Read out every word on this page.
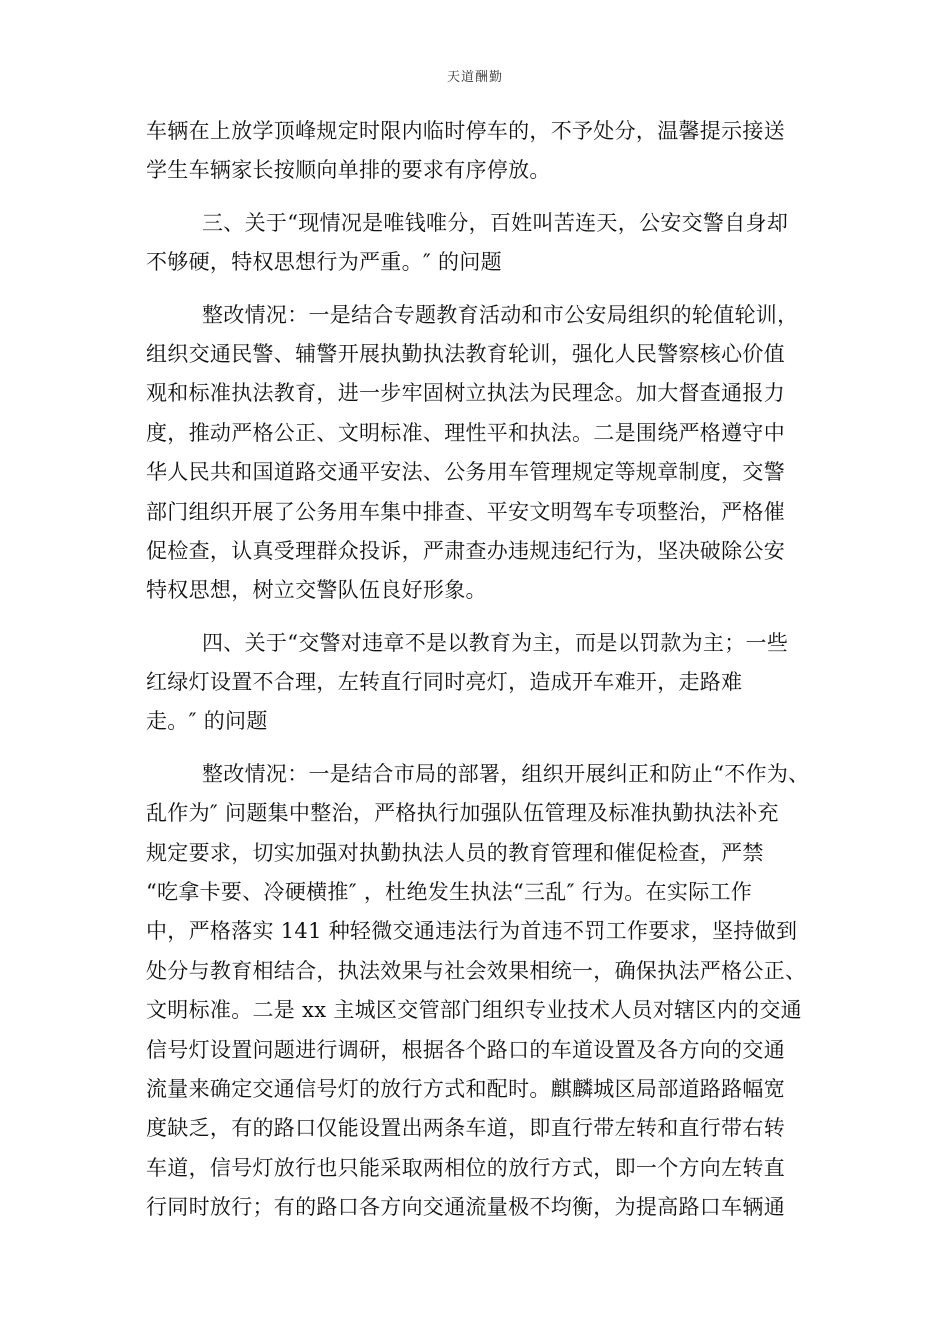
天道酬勤
车辆在上放学顶峰规定时限内临时停车的，不予处分，温馨提示接送
学生车辆家长按顺向单排的要求有序停放。
三、关于“现情况是唯钱唯分，百姓叫苦连天，公安交警自身却
不够硬，特权思想行为严重。″ 的问题
整改情况：一是结合专题教育活动和市公安局组织的轮值轮训，
组织交通民警、辅警开展执勤执法教育轮训，强化人民警察核心价值
观和标准执法教育，进一步牢固树立执法为民理念。加大督查通报力
度，推动严格公正、文明标准、理性平和执法。二是围绕严格遵守中
华人民共和国道路交通平安法、公务用车管理规定等规章制度，交警
部门组织开展了公务用车集中排查、平安文明驾车专项整治，严格催
促检查，认真受理群众投诉，严肃查办违规违纪行为，坚决破除公安
特权思想，树立交警队伍良好形象。
四、关于“交警对违章不是以教育为主，而是以罚款为主；一些
红绿灯设置不合理，左转直行同时亮灯，造成开车难开，走路难
走。″ 的问题
整改情况：一是结合市局的部署，组织开展纠正和防止“不作为、
乱作为″ 问题集中整治，严格执行加强队伍管理及标准执勤执法补充
规定要求，切实加强对执勤执法人员的教育管理和催促检查，严禁
“吃拿卡要、冷硬横推″ ，杜绝发生执法“三乱″ 行为。在实际工作
中，严格落实 141 种轻微交通违法行为首违不罚工作要求，坚持做到
处分与教育相结合，执法效果与社会效果相统一，确保执法严格公正、
文明标准。二是 xx 主城区交管部门组织专业技术人员对辖区内的交通
信号灯设置问题进行调研，根据各个路口的车道设置及各方向的交通
流量来确定交通信号灯的放行方式和配时。麒麟城区局部道路路幅宽
度缺乏，有的路口仅能设置出两条车道，即直行带左转和直行带右转
车道，信号灯放行也只能采取两相位的放行方式，即一个方向左转直
行同时放行；有的路口各方向交通流量极不均衡，为提高路口车辆通
